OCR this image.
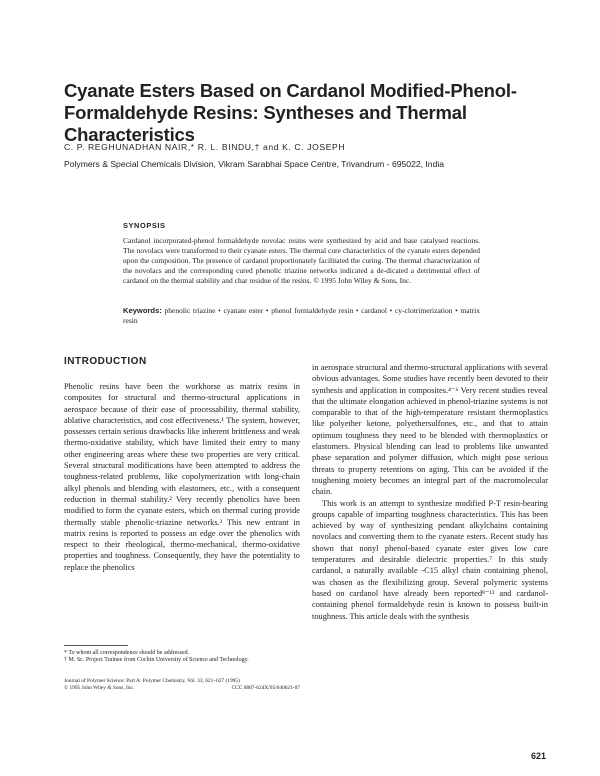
Cyanate Esters Based on Cardanol Modified-Phenol-Formaldehyde Resins: Syntheses and Thermal Characteristics
C. P. REGHUNADHAN NAIR,* R. L. BINDU,† and K. C. JOSEPH
Polymers & Special Chemicals Division, Vikram Sarabhai Space Centre, Trivandrum - 695022, India
SYNOPSIS
Cardanol incorporated-phenol formaldehyde novolac resins were synthesized by acid and base catalysed reactions. The novolacs were transformed to their cyanate esters. The thermal cure characteristics of the cyanate esters depended upon the composition. The presence of cardanol proportionately facilitated the curing. The thermal characterization of the novolacs and the corresponding cured phenolic triazine networks indicated a de-dicated a detrimental effect of cardanol on the thermal stability and char residue of the resins. © 1995 John Wiley & Sons, Inc.
Keywords: phenolic triazine • cyanate ester • phenol formaldehyde resin • cardanol • cy-clotrimerization • matrix resin
INTRODUCTION

Phenolic resins have been the workhorse as matrix resins in composites for structural and thermo-structural applications in aerospace because of their ease of processability, thermal stability, ablative characteristics, and cost effectiveness.¹ The system, however, possesses certain serious drawbacks like inherent brittleness and weak thermo-oxidative stability, which have limited their entry to many other engineering areas where these two properties are very critical. Several structural modifications have been attempted to address the toughness-related problems, like copolymerization with long-chain alkyl phenols and blending with elastomers, etc., with a consequent reduction in thermal stability.² Very recently phenolics have been modified to form the cyanate esters, which on thermal curing provide thermally stable phenolic-triazine networks.³ This new entrant in matrix resins is reported to possess an edge over the phenolics with respect to their rheological, thermo-mechanical, thermo-oxidative properties and toughness. Consequently, they have the potentiality to replace the phenolics

in aerospace structural and thermo-structural applications with several obvious advantages. Some studies have recently been devoted to their synthesis and application in composites.⁴⁻⁶ Very recent studies reveal that the ultimate elongation achieved in phenol-triazine systems is not comparable to that of the high-temperature resistant thermoplastics like polyether ketone, polyethersulfones, etc., and that to attain optimum toughness they need to be blended with thermoplastics or elastomers. Physical blending can lead to problems like unwanted phase separation and polymer diffusion, which might pose serious threats to property retentions on aging. This can be avoided if the toughening moiety becomes an integral part of the macromolecular chain.

This work is an attempt to synthesize modified P-T resin-bearing groups capable of imparting toughness characteristics. This has been achieved by way of synthesizing pendant alkylchains containing novolacs and converting them to the cyanate esters. Recent study has shown that nonyl phenol-based cyanate ester gives low cure temperatures and desirable dielectric properties.⁷ In this study cardanol, a naturally available -C15 alkyl chain containing phenol, was chosen as the flexibilizing group. Several polymeric systems based on cardanol have already been reported⁸⁻¹³ and cardanol-containing phenol formaldehyde resin is known to possess built-in toughness. This article deals with the synthesis

* To whom all correspondence should be addressed.

† M. Sc. Project Trainee from Cochin University of Science and Technology.

Journal of Polymer Science: Part A: Polymer Chemistry, Vol. 33, 621–627 (1995)

© 1995 John Wiley & Sons, Inc.	CCC 0887-624X/95/040621-07

621
